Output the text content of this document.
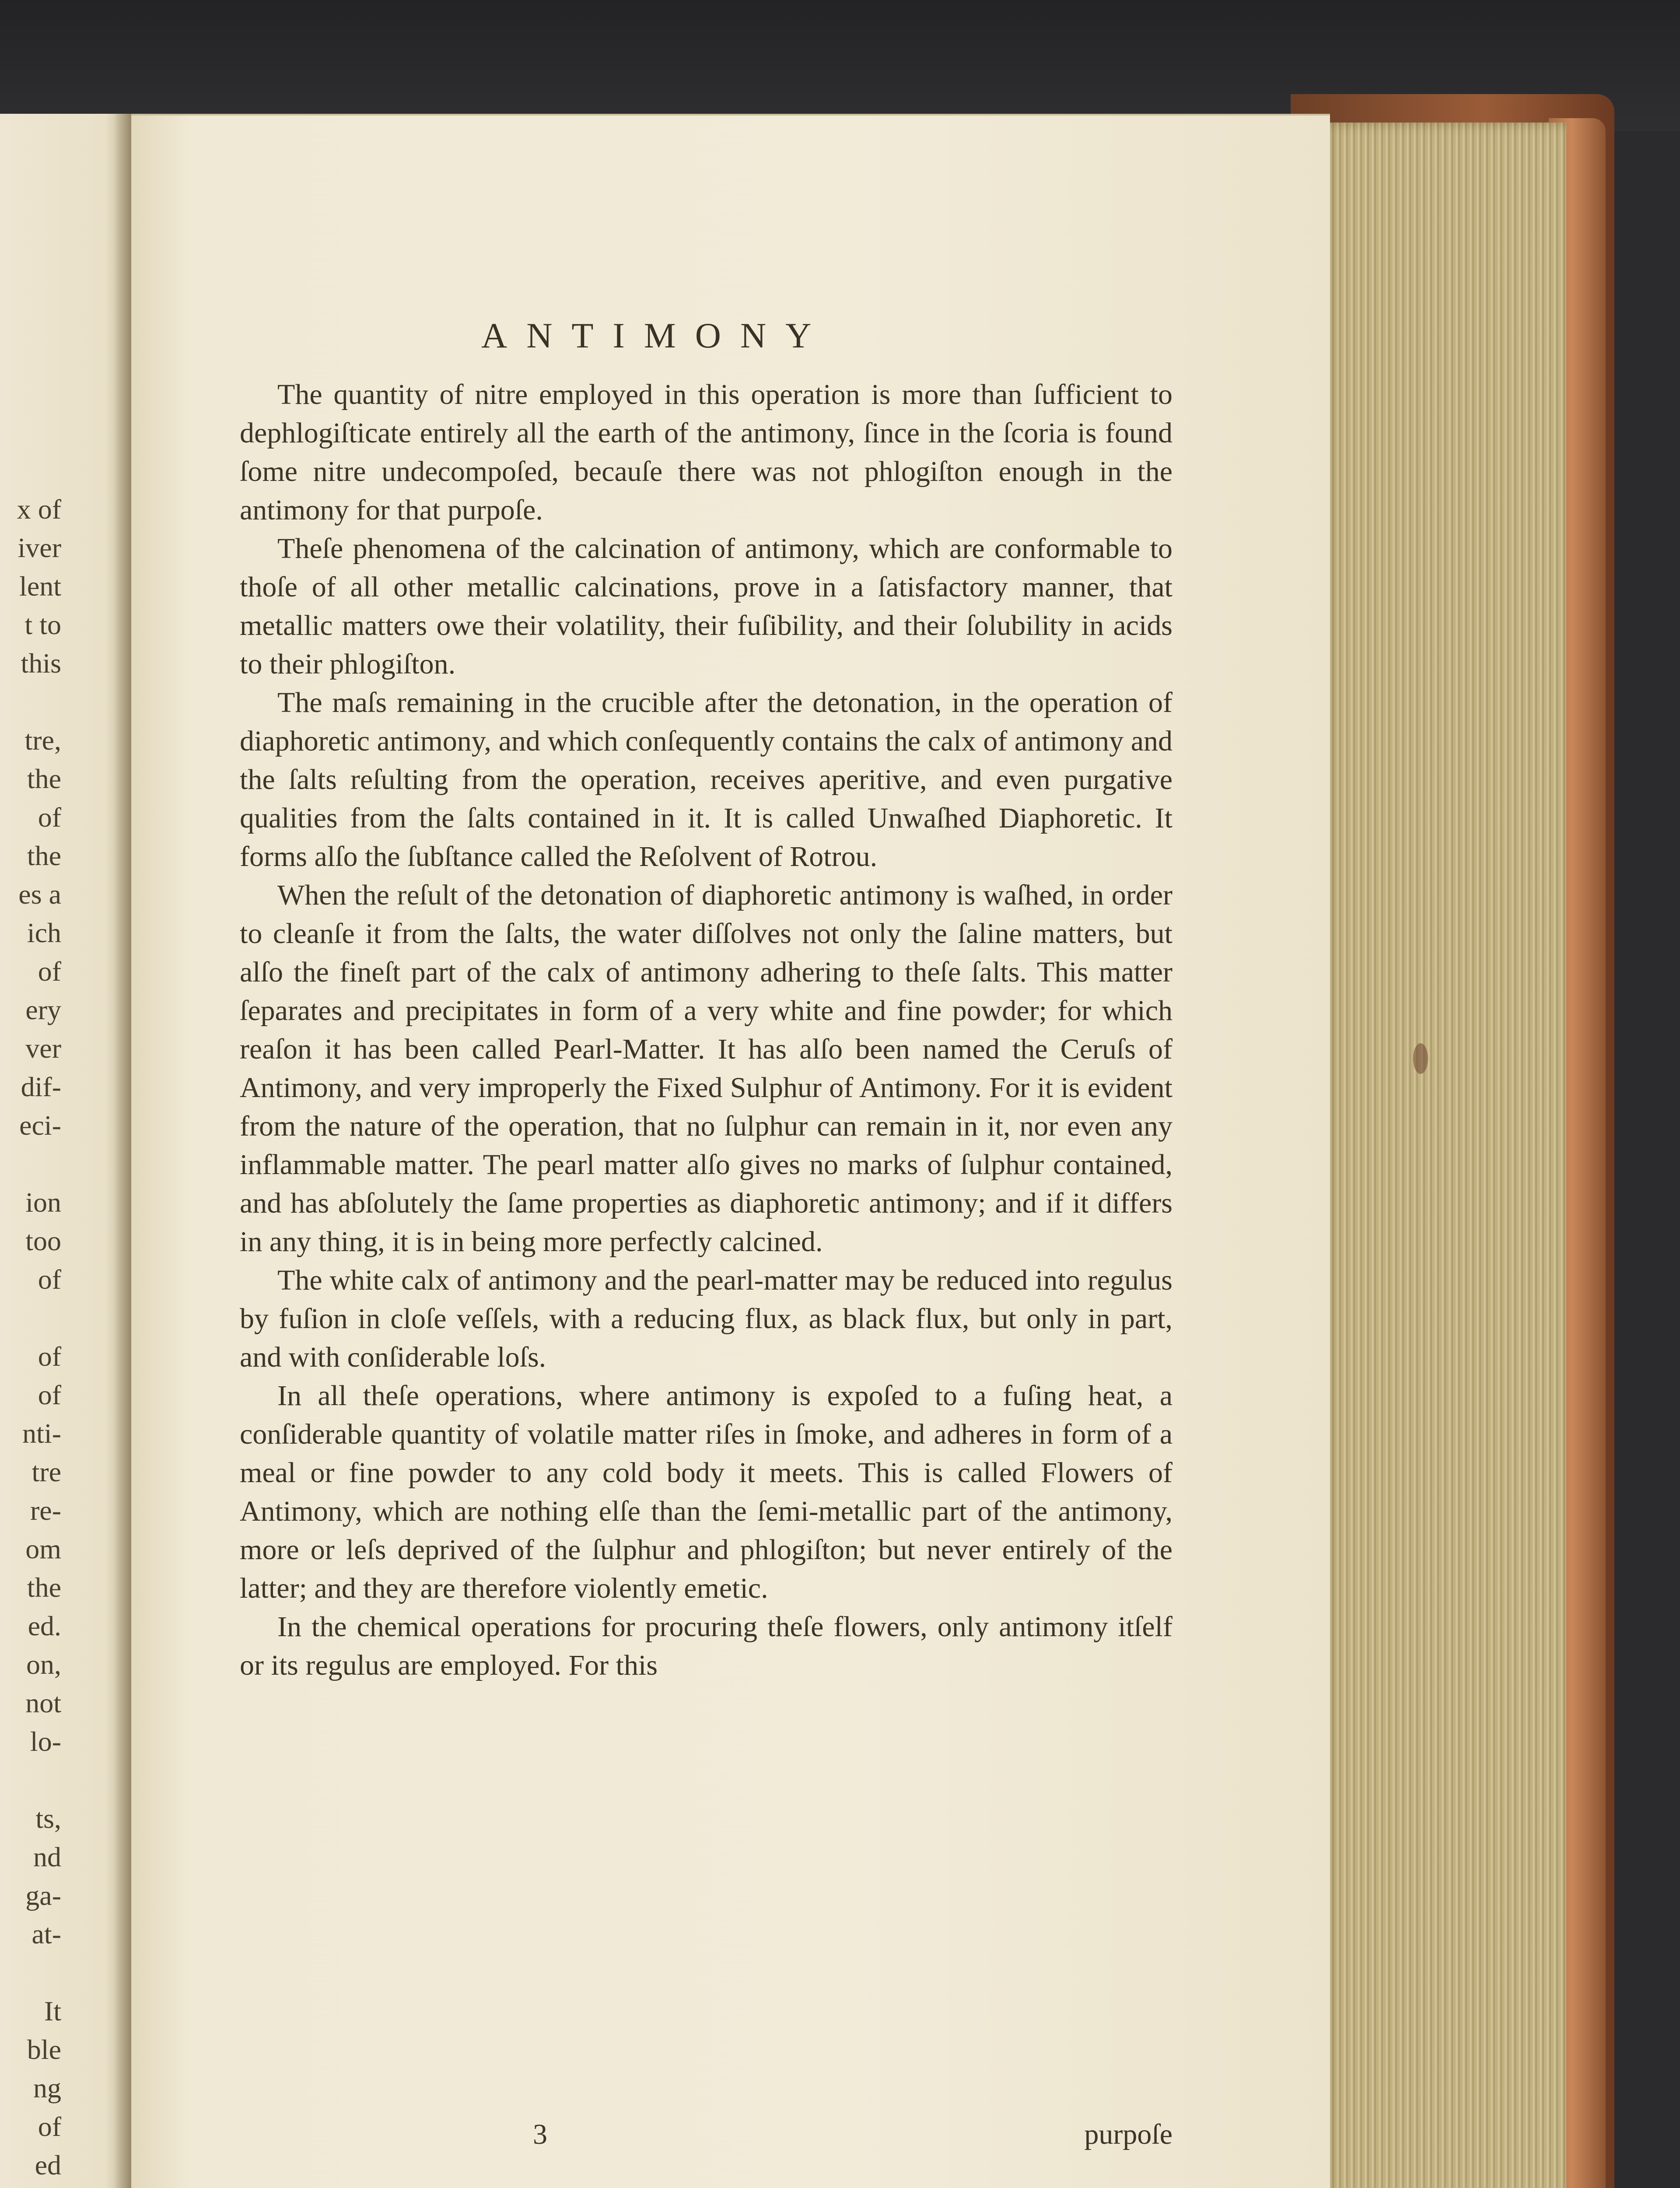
x of
iver
lent
t to
this
tre,
the
of
the
es a
ich
of
ery
ver
dif-
eci-
ion
too
of
of
of
nti-
tre
re-
om
the
ed.
on,
not
lo-
ts,
nd
ga-
at-
It
ble
ng
of
ed
ANTIMONY

The quantity of nitre employed in this operation is more than ſufficient to dephlogiſticate entirely all the earth of the antimony, ſince in the ſcoria is found ſome nitre undecompoſed, becauſe there was not phlogiſton enough in the antimony for that purpoſe.

Theſe phenomena of the calcination of antimony, which are conformable to thoſe of all other metallic calcinations, prove in a ſatisfactory manner, that metallic matters owe their volatility, their fuſibility, and their ſolubility in acids to their phlogiſton.

The maſs remaining in the crucible after the detonation, in the operation of diaphoretic antimony, and which conſequently contains the calx of antimony and the ſalts reſulting from the operation, receives aperitive, and even purgative qualities from the ſalts contained in it. It is called Unwaſhed Diaphoretic. It forms alſo the ſubſtance called the Reſolvent of Rotrou.

When the reſult of the detonation of diaphoretic antimony is waſhed, in order to cleanſe it from the ſalts, the water diſſolves not only the ſaline matters, but alſo the fineſt part of the calx of antimony adhering to theſe ſalts. This matter ſeparates and precipitates in form of a very white and fine powder; for which reaſon it has been called Pearl-Matter. It has alſo been named the Ceruſs of Antimony, and very improperly the Fixed Sulphur of Antimony. For it is evident from the nature of the operation, that no ſulphur can remain in it, nor even any inflammable matter. The pearl matter alſo gives no marks of ſulphur contained, and has abſolutely the ſame properties as diaphoretic antimony; and if it differs in any thing, it is in being more perfectly calcined.

The white calx of antimony and the pearl-matter may be reduced into regulus by fuſion in cloſe veſſels, with a reducing flux, as black flux, but only in part, and with conſiderable loſs.

In all theſe operations, where antimony is expoſed to a fuſing heat, a conſiderable quantity of volatile matter riſes in ſmoke, and adheres in form of a meal or fine powder to any cold body it meets. This is called Flowers of Antimony, which are nothing elſe than the ſemi-metallic part of the antimony, more or leſs deprived of the ſulphur and phlogiſton; but never entirely of the latter; and they are therefore violently emetic.

In the chemical operations for procuring theſe flowers, only antimony itſelf or its regulus are employed. For this

3	purpoſe
